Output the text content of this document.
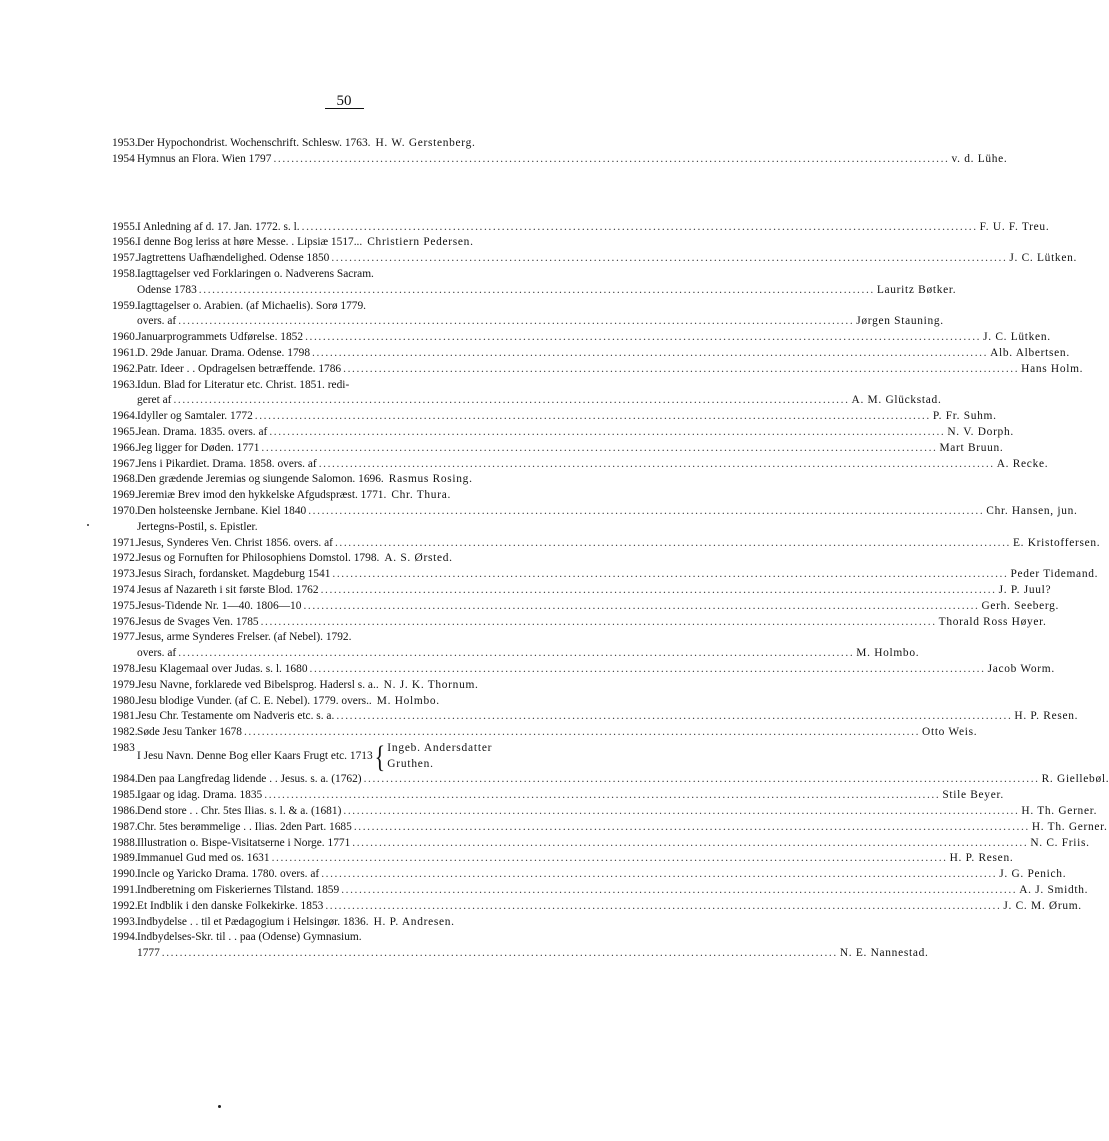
50
1953. Der Hypochondrist. Wochenschrift. Schlesw. 1763. H. W. Gerstenberg.
1954 Hymnus an Flora. Wien 1797 .....	v. d. Lühe.
1955. I Anledning af d. 17. Jan. 1772. s. l. .....	F. U. F. Treu.
1956. I denne Bog leriss at høre Messe. . Lipsiæ 1517... Christiern Pedersen.
1957. Jagtrettens Uafhændelighed. Odense 1850 .....	J. C. Lütken.
1958. Iagttagelser ved Forklaringen o. Nadverens Sacram.
Odense 1783 .....	Lauritz Bøtker.
1959. Iagttagelser o. Arabien. (af Michaelis). Sorø 1779.
overs. af .....	Jørgen Stauning.
1960. Januarprogrammets Udførelse. 1852 .....	J. C. Lütken.
1961. D. 29de Januar. Drama. Odense. 1798 .....	Alb. Albertsen.
1962. Patr. Ideer . . Opdragelsen betræffende. 1786 .....	Hans Holm.
1963. Idun. Blad for Literatur etc. Christ. 1851. redi-
geret af .....	A. M. Glückstad.
1964. Idyller og Samtaler. 1772 .....	P. Fr. Suhm.
1965. Jean. Drama. 1835. overs. af .....	N. V. Dorph.
1966. Jeg ligger for Døden. 1771 .....	Mart Bruun.
1967. Jens i Pikardiet. Drama. 1858. overs. af .....	A. Recke.
1968. Den grædende Jeremias og siungende Salomon. 1696. Rasmus Rosing.
1969. Jeremiæ Brev imod den hykkelske Afgudspræst. 1771. Chr. Thura.
1970. Den holsteenske Jernbane. Kiel 1840 .....	Chr. Hansen, jun.
Jertegns-Postil, s. Epistler.
1971. Jesus, Synderes Ven. Christ 1856. overs. af .....	E. Kristoffersen.
1972. Jesus og Fornuften for Philosophiens Domstol. 1798. A. S. Ørsted.
1973. Jesus Sirach, fordansket. Magdeburg 1541 .....	Peder Tidemand.
1974 Jesus af Nazareth i sit første Blod. 1762 .....	J. P. Juul?
1975. Jesus-Tidende Nr. 1—40. 1806—10 .....	Gerh. Seeberg.
1976. Jesus de Svages Ven. 1785 .....	Thorald Ross Høyer.
1977. Jesus, arme Synderes Frelser. (af Nebel). 1792.
overs. af .....	M. Holmbo.
1978. Jesu Klagemaal over Judas. s. l. 1680 .....	Jacob Worm.
1979. Jesu Navne, forklarede ved Bibelsprog. Hadersl s. a.. N. J. K. Thornum.
1980. Jesu blodige Vunder. (af C. E. Nebel). 1779. overs.. M. Holmbo.
1981. Jesu Chr. Testamente om Nadveris etc. s. a. .....	H. P. Resen.
1982. Søde Jesu Tanker 1678 .....	Otto Weis.
1983
I Jesu Navn. Denne Bog eller Kaars Frugt etc. 1713 { Ingeb. Andersdatter
Gruthen.
1984. Den paa Langfredag lidende . . Jesus. s. a. (1762) .....	R. Giellebøl.
1985. Igaar og idag. Drama. 1835 .....	Stile Beyer.
1986. Dend store . . Chr. 5tes Ilias. s. l. & a. (1681) .....	H. Th. Gerner.
1987. Chr. 5tes berømmelige . . Ilias. 2den Part. 1685 .....	H. Th. Gerner.
1988. Illustration o. Bispe-Visitatserne i Norge. 1771 .....	N. C. Friis.
1989. Immanuel Gud med os. 1631 .....	H. P. Resen.
1990. Incle og Yaricko Drama. 1780. overs. af .....	J. G. Penich.
1991. Indberetning om Fiskeriernes Tilstand. 1859 .....	A. J. Smidth.
1992. Et Indblik i den danske Folkekirke. 1853 .....	J. C. M. Ørum.
1993. Indbydelse . . til et Pædagogium i Helsingør. 1836. H. P. Andresen.
1994. Indbydelses-Skr. til . . paa (Odense) Gymnasium.
1777 .....	N. E. Nannestad.
